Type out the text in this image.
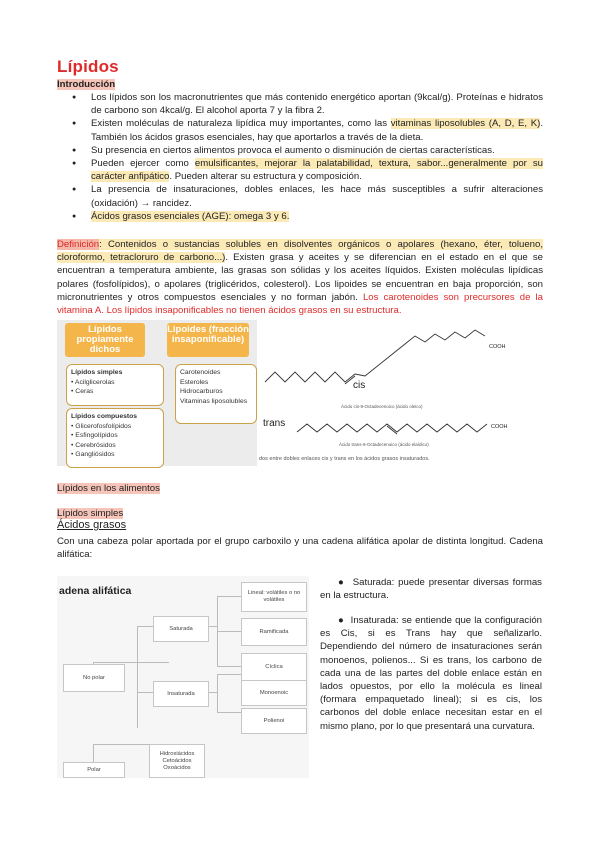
Lípidos
Introducción
● Los lípidos son los macronutrientes que más contenido energético aportan (9kcal/g). Proteínas e hidratos de carbono son 4kcal/g. El alcohol aporta 7 y la fibra 2.
● Existen moléculas de naturaleza lipídica muy importantes, como las vitaminas liposolubles (A, D, E, K). También los ácidos grasos esenciales, hay que aportarlos a través de la dieta.
● Su presencia en ciertos alimentos provoca el aumento o disminución de ciertas características.
● Pueden ejercer como emulsificantes, mejorar la palatabilidad, textura, sabor...generalmente por su carácter anfipático. Pueden alterar su estructura y composición.
● La presencia de insaturaciones, dobles enlaces, les hace más susceptibles a sufrir alteraciones (oxidación) → rancidez.
● Ácidos grasos esenciales (AGE): omega 3 y 6.
Definición: Contenidos o sustancias solubles en disolventes orgánicos o apolares (hexano, éter, tolueno, cloroformo, tetracloruro de carbono...). Existen grasa y aceites y se diferencian en el estado en el que se encuentran a temperatura ambiente, las grasas son sólidas y los aceites líquidos. Existen moléculas lipídicas polares (fosfolípidos), o apolares (triglicéridos, colesterol). Los lipoides se encuentran en baja proporción, son micronutrientes y otros compuestos esenciales y no forman jabón. Los carotenoides son precursores de la vitamina A. Los lípidos insaponificables no tienen ácidos grasos en su estructura.
Lípidos propiamente dichos
Lipoides (fracción insaponificable)
Lípidos simples
• Acilglicerolas
• Ceras
Lípidos compuestos
• Glicerofosfolípidos
• Esfingolípidos
• Cerebrósidos
• Gangliósidos
Carotenoides
Esteroles
Hidrocarburos
Vitaminas liposolubles
cis
trans
COOH
COOH
Ácido cis-9-Octadecenoico (ácido oleico)
Ácido trans-9-Octadecenoico (ácido elaídico)
dos entre dobles enlaces cis y trans en los ácidos grasos insaturados.
Lípidos en los alimentos
Lípidos simples
Ácidos grasos
Con una cabeza polar aportada por el grupo carboxilo y una cadena alifática apolar de distinta longitud. Cadena alifática:
adena alifática
No polar
Polar
Saturada
Insaturada
Lineal: volátiles o no volátiles
Ramificada
Cíclica
Hidroxiácidos Cetoácidos Oxoácidos
Monoenoic
Polienoi
●  Saturada: puede presentar diversas formas en la estructura.
●  Insaturada: se entiende que la configuración es Cis, si es Trans hay que señalizarlo. Dependiendo del número de insaturaciones serán monoenos, polienos... Si es trans, los carbono de cada una de las partes del doble enlace están en lados opuestos, por ello la molécula es lineal (formara empaquetado lineal); si es cis, los carbonos del doble enlace necesitan estar en el mismo plano, por lo que presentará una curvatura.
